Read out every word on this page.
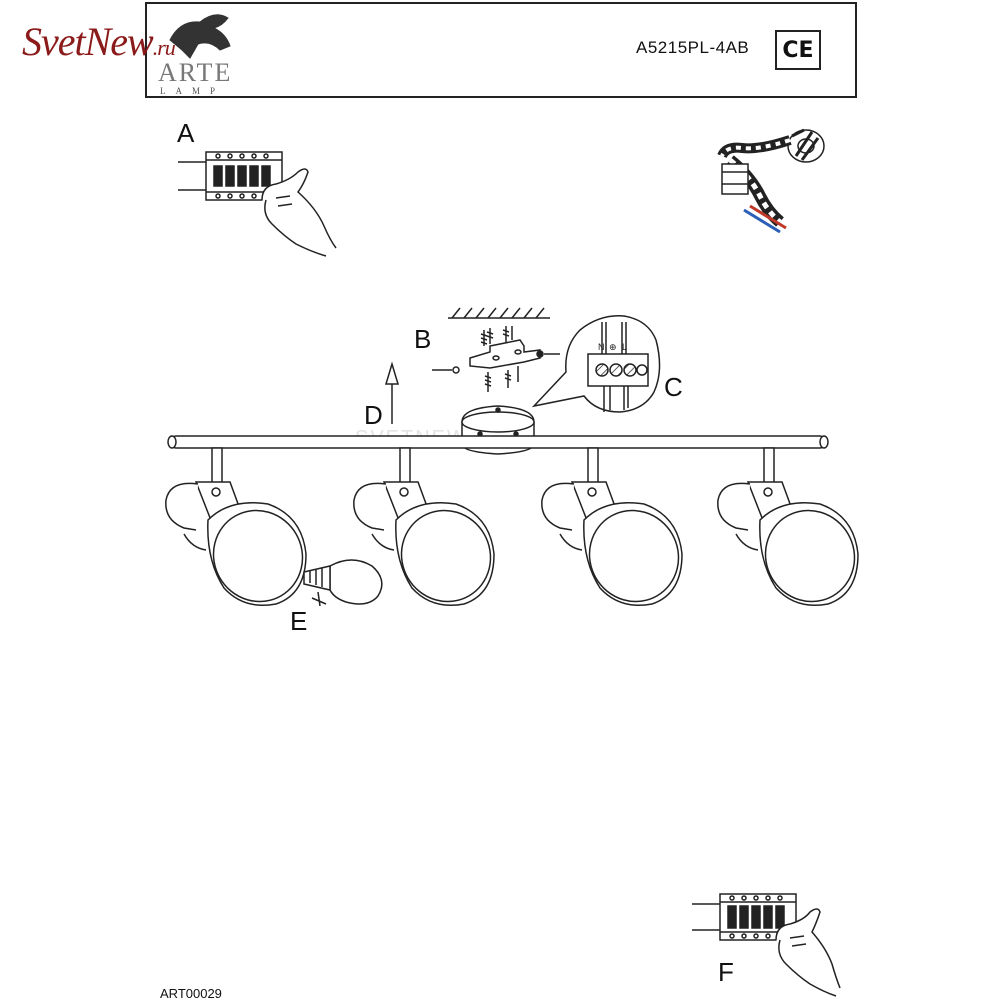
SvetNew.ru
ARTE
LAMP
A5215PL-4AB	CE
A
B
C
D
E
F
ART00029
N ⊕ L
